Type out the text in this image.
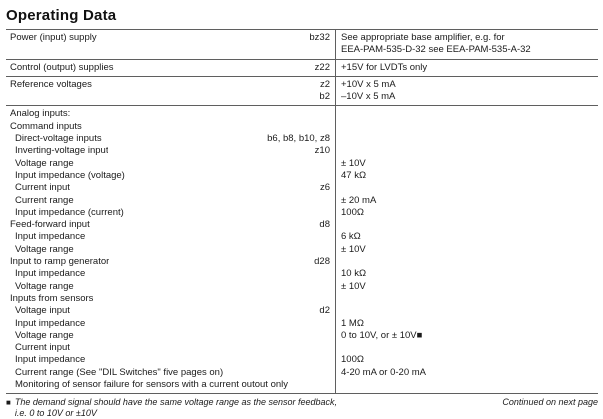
Operating Data
Power (input) supply	bz32	See appropriate base amplifier, e.g. for
EEA-PAM-535-D-32 see EEA-PAM-535-A-32
Control (output) supplies	z22	+15V for LVDTs only
Reference voltages	z2	+10V x 5 mA
b2	–10V x 5 mA
Analog inputs:
Command inputs
Direct-voltage inputs	b6, b8, b10, z8
Inverting-voltage input	z10
Voltage range	± 10V
Input impedance (voltage)	47 kΩ
Current input	z6
Current range	± 20 mA
Input impedance (current)	100Ω
Feed-forward input	d8
Input impedance	6 kΩ
Voltage range	± 10V
Input to ramp generator	d28
Input impedance	10 kΩ
Voltage range	± 10V
Inputs from sensors
Voltage input	d2
Input impedance	1 MΩ
Voltage range	0 to 10V, or ± 10V■
Current input
Input impedance	100Ω
Current range (See "DIL Switches" five pages on)	4-20 mA or 0-20 mA
Monitoring of sensor failure for sensors with a current outout only
■ The demand signal should have the same voltage range as the sensor feedback,
i.e. 0 to 10V or ±10V
Continued on next page
